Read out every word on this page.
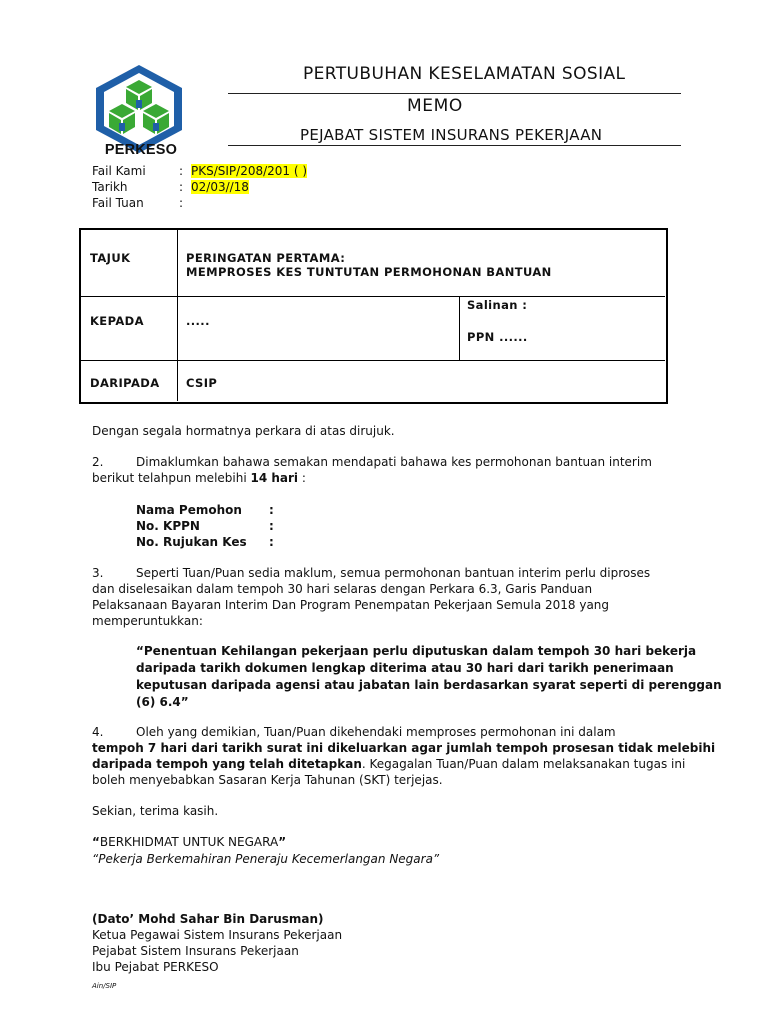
PERKESO
PERTUBUHAN KESELAMATAN SOSIAL
MEMO
PEJABAT SISTEM INSURANS PEKERJAAN
Fail Kami	: PKS/SIP/208/201 ( )
Tarikh	: 02/03//18
Fail Tuan	:
TAJUK	PERINGATAN PERTAMA:
MEMPROSES KES TUNTUTAN PERMOHONAN BANTUAN
KEPADA	.....
Salinan :
PPN ......
DARIPADA CSIP
Dengan segala hormatnya perkara di atas dirujuk.
2.	Dimaklumkan bahawa semakan mendapati bahawa kes permohonan bantuan interim
berikut telahpun melebihi 14 hari :
Nama Pemohon :
No. KPPN	:
No. Rujukan Kes :
3.	Seperti Tuan/Puan sedia maklum, semua permohonan bantuan interim perlu diproses
dan diselesaikan dalam tempoh 30 hari selaras dengan Perkara 6.3, Garis Panduan
Pelaksanaan Bayaran Interim Dan Program Penempatan Pekerjaan Semula 2018 yang
memperuntukkan:
“Penentuan Kehilangan pekerjaan perlu diputuskan dalam tempoh 30 hari bekerja
daripada tarikh dokumen lengkap diterima atau 30 hari dari tarikh penerimaan
keputusan daripada agensi atau jabatan lain berdasarkan syarat seperti di perenggan
(6) 6.4”
4.	Oleh yang demikian, Tuan/Puan dikehendaki memproses permohonan ini dalam
tempoh 7 hari dari tarikh surat ini dikeluarkan agar jumlah tempoh prosesan tidak melebihi
daripada tempoh yang telah ditetapkan. Kegagalan Tuan/Puan dalam melaksanakan tugas ini
boleh menyebabkan Sasaran Kerja Tahunan (SKT) terjejas.
Sekian, terima kasih.
“BERKHIDMAT UNTUK NEGARA”
“Pekerja Berkemahiran Peneraju Kecemerlangan Negara”
(Dato’ Mohd Sahar Bin Darusman)
Ketua Pegawai Sistem Insurans Pekerjaan
Pejabat Sistem Insurans Pekerjaan
Ibu Pejabat PERKESO
Ain/SIP
